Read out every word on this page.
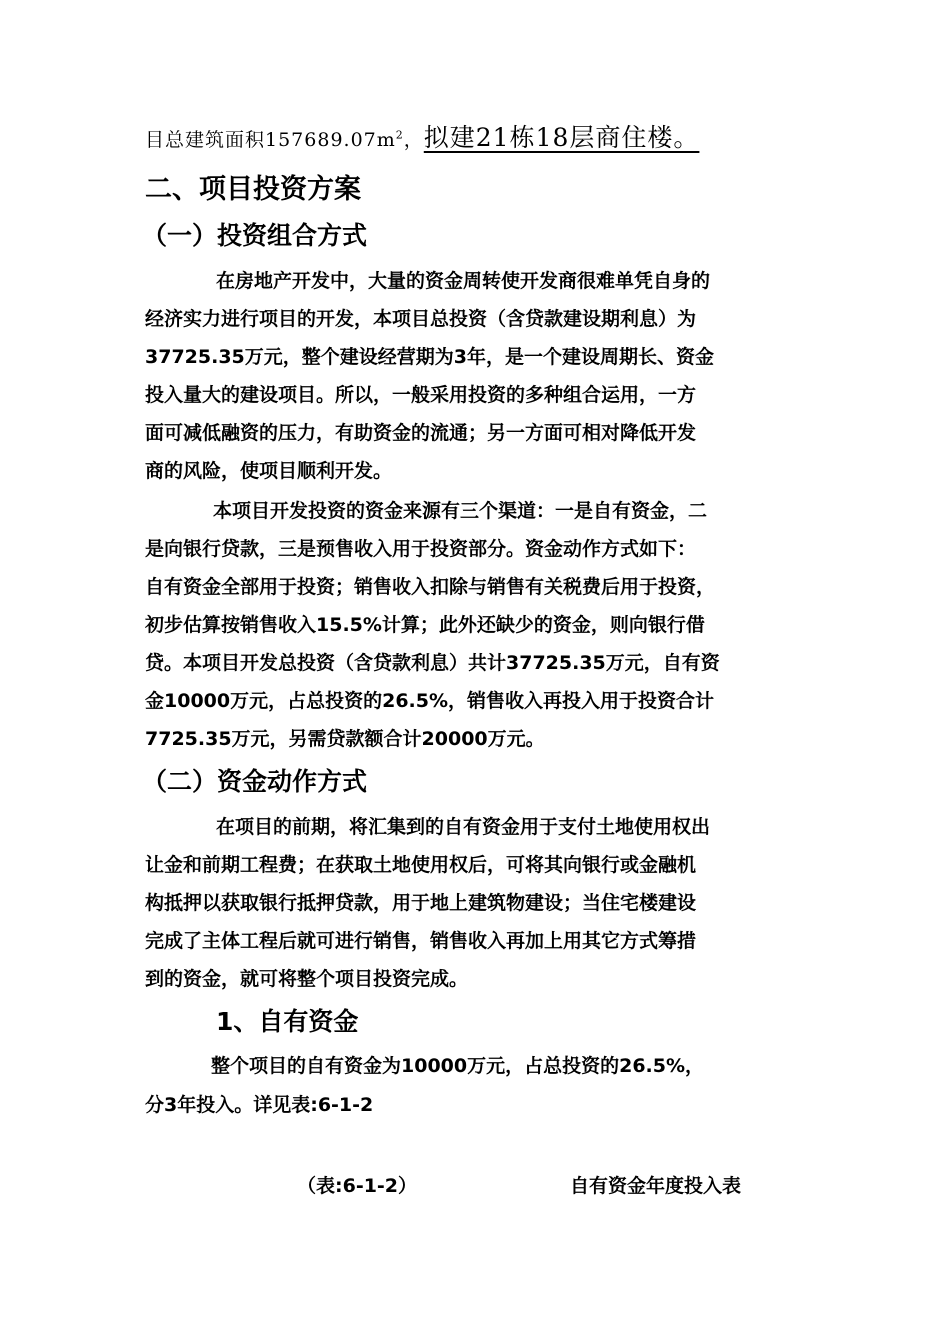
目总建筑面积$157689.07m^2$，拟建21栋18层商住楼。
二、项目投资方案
（一）投资组合方式
在房地产开发中，大量的资金周转使开发商很难单凭自身的
经济实力进行项目的开发，本项目总投资（含贷款建设期利息）为
37725.35万元，整个建设经营期为3年，是一个建设周期长、资金
投入量大的建设项目。所以，一般采用投资的多种组合运用，一方
面可减低融资的压力，有助资金的流通；另一方面可相对降低开发
商的风险，使项目顺利开发。
本项目开发投资的资金来源有三个渠道：一是自有资金，二
是向银行贷款，三是预售收入用于投资部分。资金动作方式如下：
自有资金全部用于投资；销售收入扣除与销售有关税费后用于投资，
初步估算按销售收入15.5%计算；此外还缺少的资金，则向银行借
贷。本项目开发总投资（含贷款利息）共计37725.35万元，自有资
金10000万元，占总投资的26.5%，销售收入再投入用于投资合计
7725.35万元，另需贷款额合计20000万元。
（二）资金动作方式
在项目的前期，将汇集到的自有资金用于支付土地使用权出
让金和前期工程费；在获取土地使用权后，可将其向银行或金融机
构抵押以获取银行抵押贷款，用于地上建筑物建设；当住宅楼建设
完成了主体工程后就可进行销售，销售收入再加上用其它方式筹措
到的资金，就可将整个项目投资完成。
1、自有资金
整个项目的自有资金为10000万元，占总投资的26.5%，
分3年投入。详见表:6-1-2
（表:6-1-2）	自有资金年度投入表
